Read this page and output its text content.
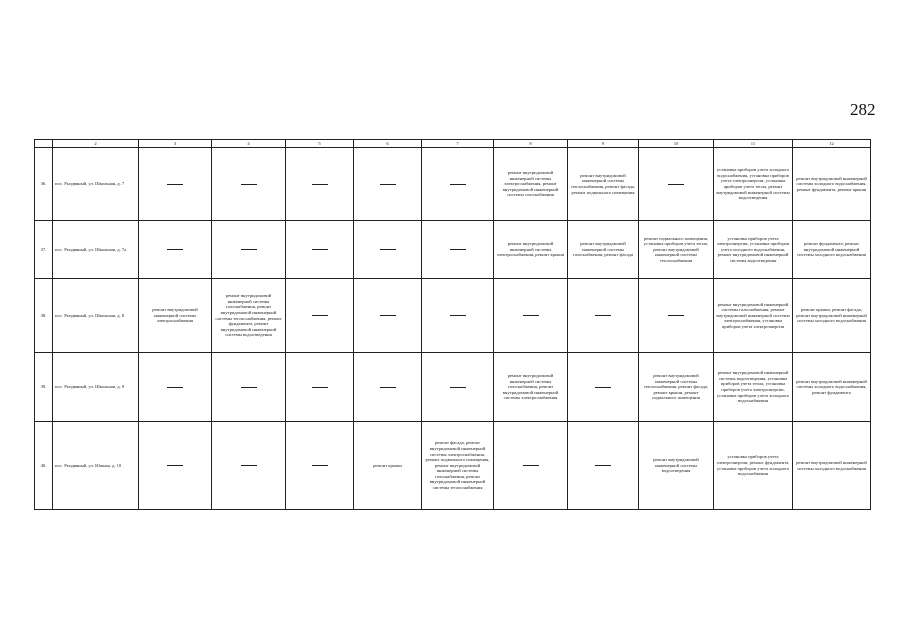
282
	2	3	4	5	6	7	8	9	10	11	12
36.	пос. Рыздвяный, ул. Школьная, д. 7						ремонт внутридомовой инженерной системы электроснабжения, ремонт внутридомовой инженерной системы газоснабжения	ремонт внутридомовой инженерной системы теплоснабжения, ремонт фасада, ремонт подвального помещения		установка приборов учета холодного водоснабжения, установка приборов учета электроэнергии, установка приборов учета тепла, ремонт внутридомовой инженерной системы водоотведения	ремонт внутридомовой инженерной системы холодного водоснабжения, ремонт фундамента, ремонт крыши
37.	пос. Рыздвяный, ул. Школьная, д. 7а						ремонт внутридомовой инженерной системы электроснабжения, ремонт крыши	ремонт внутридомовой инженерной системы газоснабжения, ремонт фасада	ремонт подвального помещения, установка приборов учета тепла, ремонт внутридомовой инженерной системы теплоснабжения	установка приборов учета электроэнергии, установка приборов учета холодного водоснабжения, ремонт внутридомовой инженерной системы водоотведения	ремонт фундамента, ремонт внутридомовой инженерной системы холодного водоснабжения
38.	пос. Рыздвяный, ул. Школьная, д. 8	ремонт внутридомовой инженерной системы электроснабжения	ремонт внутридомовой инженерной системы газоснабжения, ремонт внутридомовой инженерной системы теплоснабжения, ремонт фундамента, ремонт внутридомовой инженерной системы водоотведения							ремонт внутридомовой инженерной системы газоснабжения, ремонт внутридомовой инженерной системы электроснабжения, установка приборов учета электроэнергии	ремонт крыши, ремонт фасада, ремонт внутридомовой инженерной системы холодного водоснабжения
39.	пос. Рыздвяный, ул. Школьная, д. 9						ремонт внутридомовой инженерной системы газоснабжения, ремонт внутридомовой инженерной системы электроснабжения		ремонт внутридомовой инженерной системы теплоснабжения, ремонт фасада, ремонт крыши, ремонт подвального помещения	ремонт внутридомовой инженерной системы водоотведения, установка приборов учета тепла, установка приборов учета электроэнергии, установка приборов учета холодного водоснабжения	ремонт внутридомовой инженерной системы холодного водоснабжения, ремонт фундамента
40.	пос. Рыздвяный, ул. Южная, д. 10				ремонт крыши	ремонт фасада, ремонт внутридомовой инженерной системы электроснабжения, ремонт подвального помещения, ремонт внутридомовой инженерной системы газоснабжения, ремонт внутридомовой инженерной системы теплоснабжения			ремонт внутридомовой инженерной системы водоотведения	установка приборов учета электроэнергии, ремонт фундамента, установка приборов учета холодного водоснабжения	ремонт внутридомовой инженерной системы холодного водоснабжения
